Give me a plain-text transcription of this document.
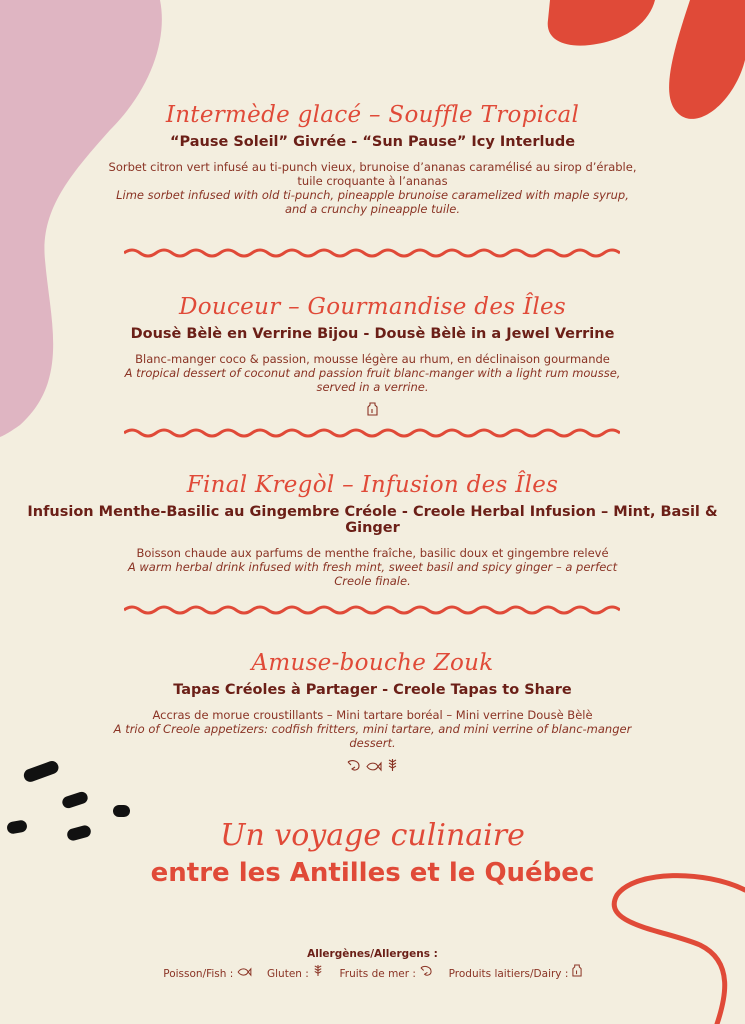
Intermède glacé – Souffle Tropical
“Pause Soleil” Givrée - “Sun Pause” Icy Interlude
Sorbet citron vert infusé au ti-punch vieux, brunoise d’ananas caramélisé au sirop d’érable, tuile croquante à l’ananas
Lime sorbet infused with old ti-punch, pineapple brunoise caramelized with maple syrup, and a crunchy pineapple tuile.
Douceur – Gourmandise des Îles
Dousè Bèlè en Verrine Bijou - Dousè Bèlè in a Jewel Verrine
Blanc-manger coco & passion, mousse légère au rhum, en déclinaison gourmande
A tropical dessert of coconut and passion fruit blanc-manger with a light rum mousse, served in a verrine.
Final Kregòl – Infusion des Îles
Infusion Menthe-Basilic au Gingembre Créole - Creole Herbal Infusion – Mint, Basil & Ginger
Boisson chaude aux parfums de menthe fraîche, basilic doux et gingembre relevé
A warm herbal drink infused with fresh mint, sweet basil and spicy ginger – a perfect Creole finale.
Amuse-bouche Zouk
Tapas Créoles à Partager - Creole Tapas to Share
Accras de morue croustillants – Mini tartare boréal – Mini verrine Dousè Bèlè
A trio of Creole appetizers: codfish fritters, mini tartare, and mini verrine of blanc-manger dessert.

Un voyage culinaire
entre les Antilles et le Québec
Allergènes/Allergens :
Poisson/Fish :	Gluten :	Fruits de mer :	Produits laitiers/Dairy :
